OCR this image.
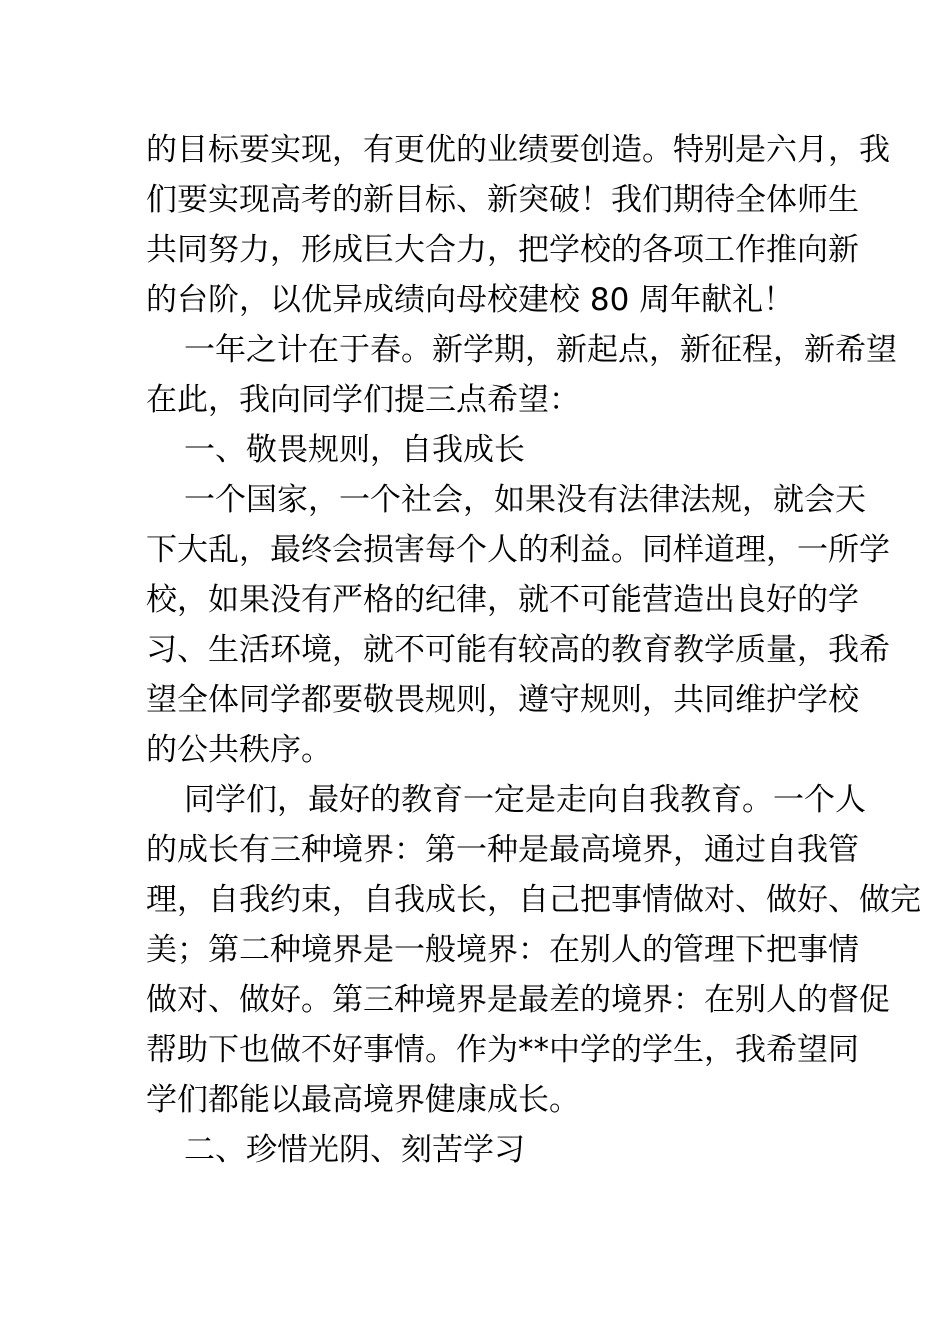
的目标要实现，有更优的业绩要创造。特别是六月，我
们要实现高考的新目标、新突破！我们期待全体师生
共同努力，形成巨大合力，把学校的各项工作推向新
的台阶，以优异成绩向母校建校 80 周年献礼！
一年之计在于春。新学期，新起点，新征程，新希望
在此，我向同学们提三点希望：
一、敬畏规则，自我成长
一个国家，一个社会，如果没有法律法规，就会天
下大乱，最终会损害每个人的利益。同样道理，一所学
校，如果没有严格的纪律，就不可能营造出良好的学
习、生活环境，就不可能有较高的教育教学质量，我希
望全体同学都要敬畏规则，遵守规则，共同维护学校
的公共秩序。
同学们，最好的教育一定是走向自我教育。一个人
的成长有三种境界：第一种是最高境界，通过自我管
理，自我约束，自我成长，自己把事情做对、做好、做完
美；第二种境界是一般境界：在别人的管理下把事情
做对、做好。第三种境界是最差的境界：在别人的督促
帮助下也做不好事情。作为**中学的学生，我希望同
学们都能以最高境界健康成长。
二、珍惜光阴、刻苦学习
